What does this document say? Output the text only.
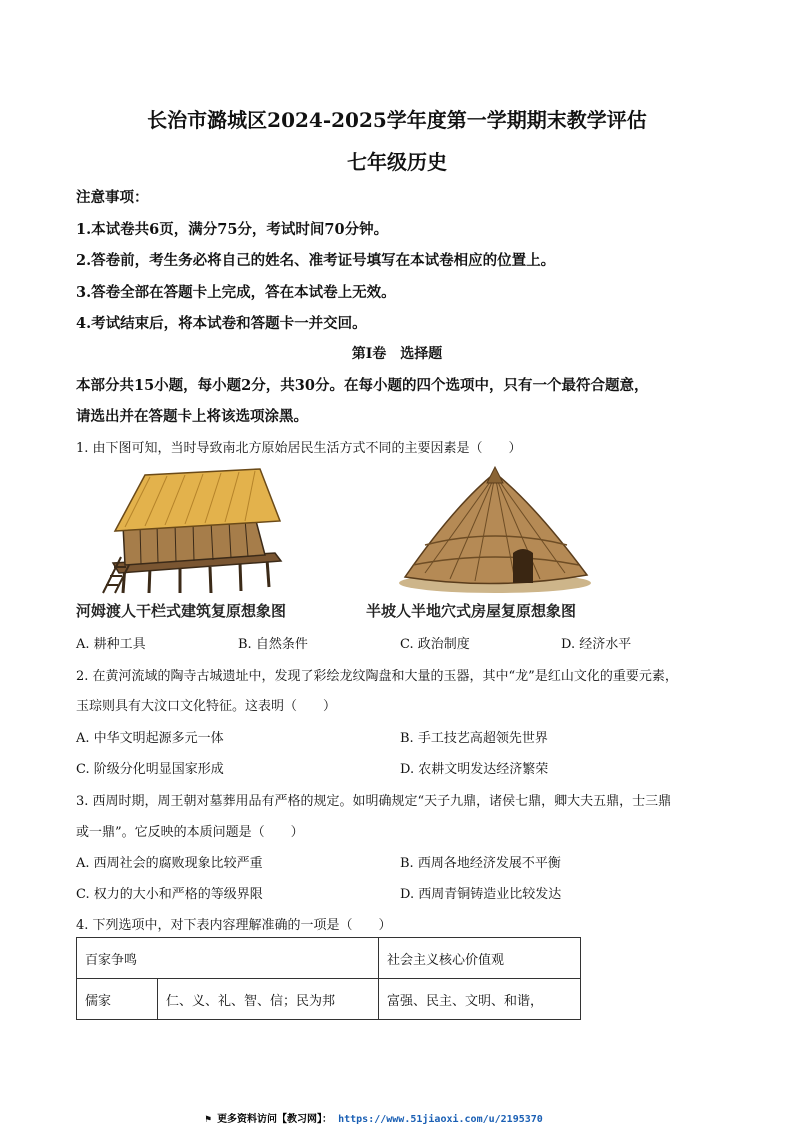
长治市潞城区2024-2025学年度第一学期期末教学评估
七年级历史
注意事项：
1.本试卷共6页，满分75分，考试时间70分钟。
2.答卷前，考生务必将自己的姓名、准考证号填写在本试卷相应的位置上。
3.答卷全部在答题卡上完成，答在本试卷上无效。
4.考试结束后，将本试卷和答题卡一并交回。
第Ⅰ卷　选择题
本部分共15小题，每小题2分，共30分。在每小题的四个选项中，只有一个最符合题意，
请选出并在答题卡上将该选项涂黑。
1. 由下图可知，当时导致南北方原始居民生活方式不同的主要因素是（　　）
河姆渡人干栏式建筑复原想象图	半坡人半地穴式房屋复原想象图
A. 耕种工具	B. 自然条件	C. 政治制度	D. 经济水平
2. 在黄河流域的陶寺古城遗址中，发现了彩绘龙纹陶盘和大量的玉器，其中“龙”是红山文化的重要元素，
玉琮则具有大汶口文化特征。这表明（　　）
A. 中华文明起源多元一体	B. 手工技艺高超领先世界
C. 阶级分化明显国家形成	D. 农耕文明发达经济繁荣
3. 西周时期，周王朝对墓葬用品有严格的规定。如明确规定“天子九鼎，诸侯七鼎，卿大夫五鼎，士三鼎
或一鼎”。它反映的本质问题是（　　）
A. 西周社会的腐败现象比较严重	B. 西周各地经济发展不平衡
C. 权力的大小和严格的等级界限	D. 西周青铜铸造业比较发达
4. 下列选项中，对下表内容理解准确的一项是（　　）
百家争鸣		社会主义核心价值观
儒家	仁、义、礼、智、信；民为邦	富强、民主、文明、和谐，
⚑ 更多资料访问【教习网】： https://www.51jiaoxi.com/u/2195370
